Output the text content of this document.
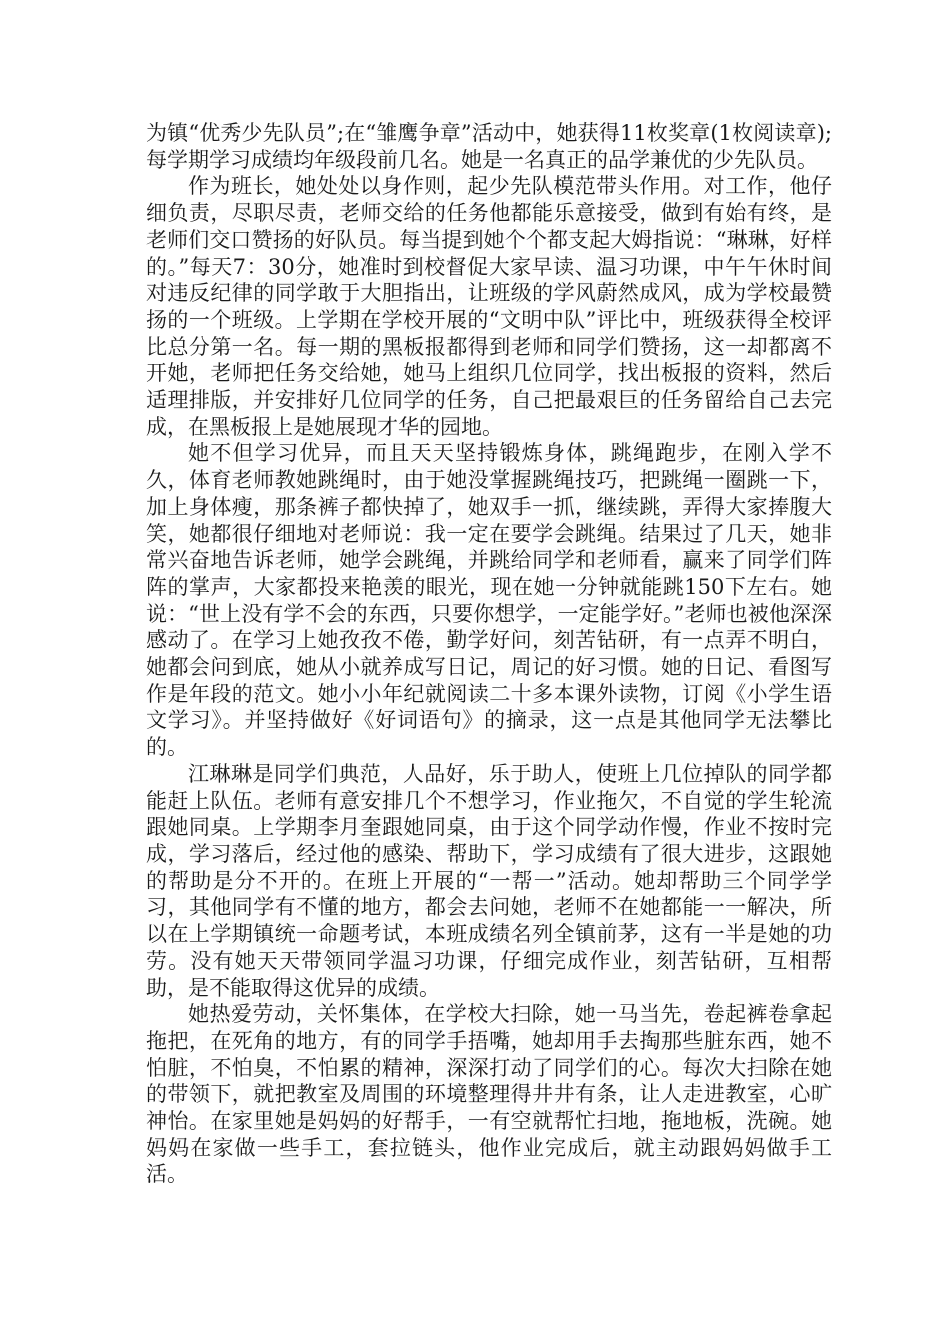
为镇“优秀少先队员”;在“雏鹰争章”活动中，她获得11枚奖章(1枚阅读章);每学期学习成绩均年级段前几名。她是一名真正的品学兼优的少先队员。

作为班长，她处处以身作则，起少先队模范带头作用。对工作，他仔细负责，尽职尽责，老师交给的任务他都能乐意接受，做到有始有终，是老师们交口赞扬的好队员。每当提到她个个都支起大姆指说：“琳琳，好样的。”每天7：30分，她准时到校督促大家早读、温习功课，中午午休时间对违反纪律的同学敢于大胆指出，让班级的学风蔚然成风，成为学校最赞扬的一个班级。上学期在学校开展的“文明中队”评比中，班级获得全校评比总分第一名。每一期的黑板报都得到老师和同学们赞扬，这一却都离不开她，老师把任务交给她，她马上组织几位同学，找出板报的资料，然后适理排版，并安排好几位同学的任务，自己把最艰巨的任务留给自己去完成，在黑板报上是她展现才华的园地。

她不但学习优异，而且天天坚持锻炼身体，跳绳跑步，在刚入学不久，体育老师教她跳绳时，由于她没掌握跳绳技巧，把跳绳一圈跳一下，加上身体瘦，那条裤子都快掉了，她双手一抓，继续跳，弄得大家捧腹大笑，她都很仔细地对老师说：我一定在要学会跳绳。结果过了几天，她非常兴奋地告诉老师，她学会跳绳，并跳给同学和老师看，赢来了同学们阵阵的掌声，大家都投来艳羡的眼光，现在她一分钟就能跳150下左右。她说：“世上没有学不会的东西，只要你想学，一定能学好。”老师也被他深深感动了。在学习上她孜孜不倦，勤学好问，刻苦钻研，有一点弄不明白，她都会问到底，她从小就养成写日记，周记的好习惯。她的日记、看图写作是年段的范文。她小小年纪就阅读二十多本课外读物，订阅《小学生语文学习》。并坚持做好《好词语句》的摘录，这一点是其他同学无法攀比的。

江琳琳是同学们典范，人品好，乐于助人，使班上几位掉队的同学都能赶上队伍。老师有意安排几个不想学习，作业拖欠，不自觉的学生轮流跟她同桌。上学期李月奎跟她同桌，由于这个同学动作慢，作业不按时完成，学习落后，经过他的感染、帮助下，学习成绩有了很大进步，这跟她的帮助是分不开的。在班上开展的“一帮一”活动。她却帮助三个同学学习，其他同学有不懂的地方，都会去问她，老师不在她都能一一解决，所以在上学期镇统一命题考试，本班成绩名列全镇前茅，这有一半是她的功劳。没有她天天带领同学温习功课，仔细完成作业，刻苦钻研，互相帮助，是不能取得这优异的成绩。

她热爱劳动，关怀集体，在学校大扫除，她一马当先，卷起裤卷拿起拖把，在死角的地方，有的同学手捂嘴，她却用手去掏那些脏东西，她不怕脏，不怕臭，不怕累的精神，深深打动了同学们的心。每次大扫除在她的带领下，就把教室及周围的环境整理得井井有条，让人走进教室，心旷神怡。在家里她是妈妈的好帮手，一有空就帮忙扫地，拖地板，洗碗。她妈妈在家做一些手工，套拉链头，他作业完成后，就主动跟妈妈做手工活。
